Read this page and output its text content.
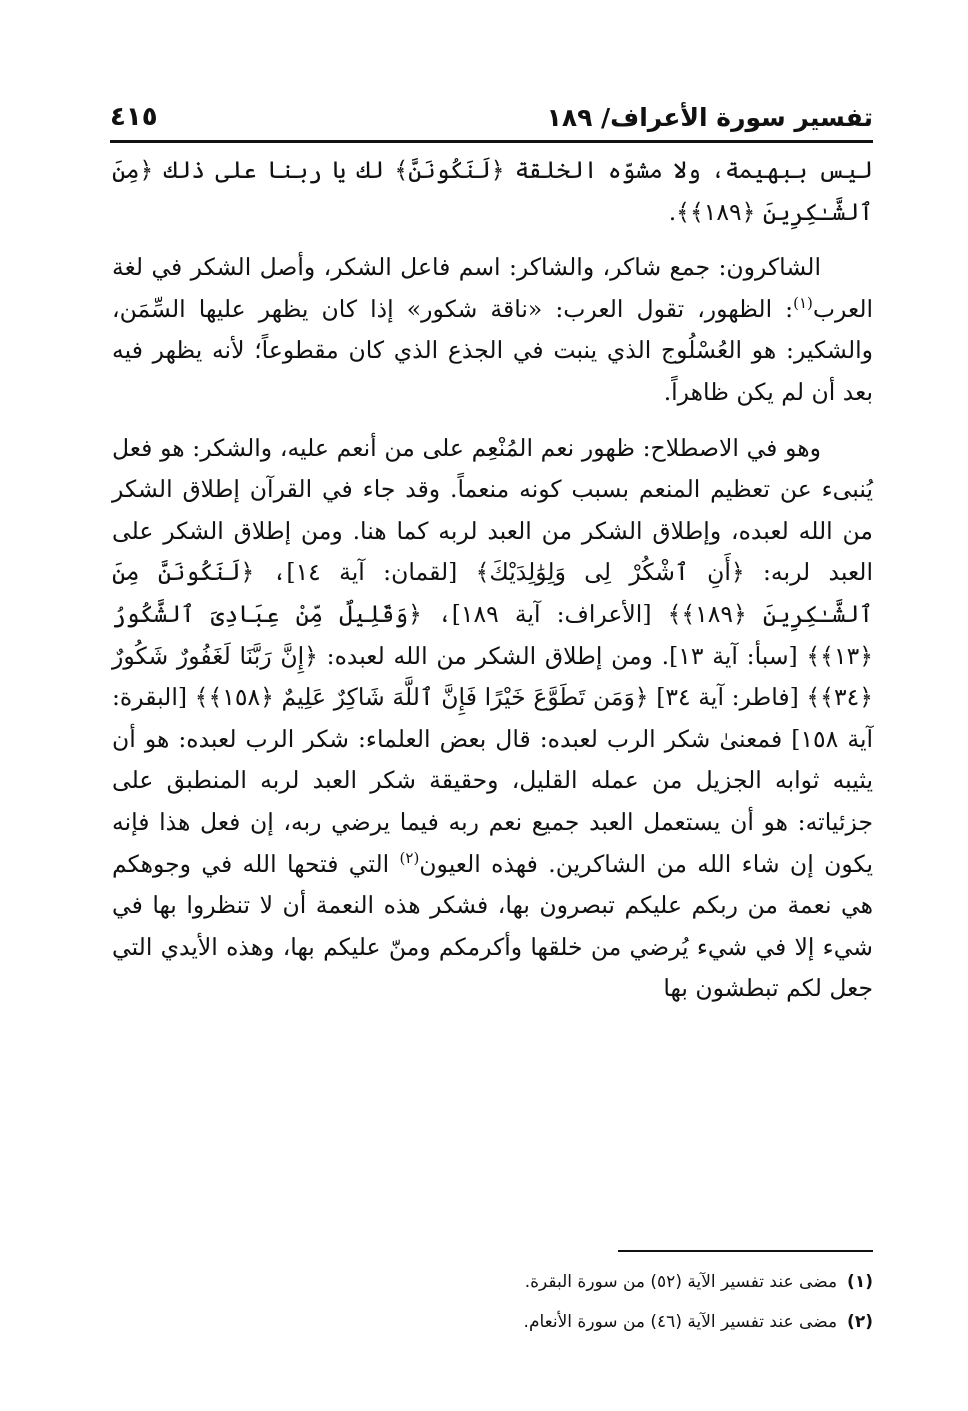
تفسير سورة الأعراف/ ١٨٩
٤١٥

ليس ببهيمة، ولا مشوّه الخلقة ﴿لَنَكُونَنَّ﴾ لك يا ربنا على ذلك ﴿مِنَ ٱلشَّـٰكِرِينَ ﴿١٨٩﴾﴾.

الشاكرون: جمع شاكر، والشاكر: اسم فاعل الشكر، وأصل الشكر في لغة العرب$^{(١)}$: الظهور، تقول العرب: «ناقة شكور» إذا كان يظهر عليها السِّمَن، والشكير: هو العُسْلُوج الذي ينبت في الجذع الذي كان مقطوعاً؛ لأنه يظهر فيه بعد أن لم يكن ظاهراً.

وهو في الاصطلاح: ظهور نعم المُنْعِم على من أنعم عليه، والشكر: هو فعل يُنبىء عن تعظيم المنعم بسبب كونه منعماً. وقد جاء في القرآن إطلاق الشكر من الله لعبده، وإطلاق الشكر من العبد لربه كما هنا. ومن إطلاق الشكر على العبد لربه: ﴿أَنِ ٱشْكُرْ لِى وَلِوَٰلِدَيْكَ﴾ [لقمان: آية ١٤]، ﴿لَنَكُونَنَّ مِنَ ٱلشَّـٰكِرِينَ ﴿١٨٩﴾﴾ [الأعراف: آية ١٨٩]، ﴿وَقَلِيلٌ مِّنْ عِبَادِىَ ٱلشَّكُورُ ﴿١٣﴾﴾ [سبأ: آية ١٣]. ومن إطلاق الشكر من الله لعبده: ﴿إِنَّ رَبَّنَا لَغَفُورٌ شَكُورٌ ﴿٣٤﴾﴾ [فاطر: آية ٣٤] ﴿وَمَن تَطَوَّعَ خَيْرًا فَإِنَّ ٱللَّهَ شَاكِرٌ عَلِيمٌ ﴿١٥٨﴾﴾ [البقرة: آية ١٥٨] فمعنىٰ شكر الرب لعبده: قال بعض العلماء: شكر الرب لعبده: هو أن يثيبه ثوابه الجزيل من عمله القليل، وحقيقة شكر العبد لربه المنطبق على جزئياته: هو أن يستعمل العبد جميع نعم ربه فيما يرضي ربه، إن فعل هذا فإنه يكون إن شاء الله من الشاكرين. فهذه العيون$^{(٢)}$ التي فتحها الله في وجوهكم هي نعمة من ربكم عليكم تبصرون بها، فشكر هذه النعمة أن لا تنظروا بها في شيء إلا في شيء يُرضي من خلقها وأكرمكم ومنّ عليكم بها، وهذه الأيدي التي جعل لكم تبطشون بها

(١)مضى عند تفسير الآية (٥٢) من سورة البقرة.
(٢)مضى عند تفسير الآية (٤٦) من سورة الأنعام.
